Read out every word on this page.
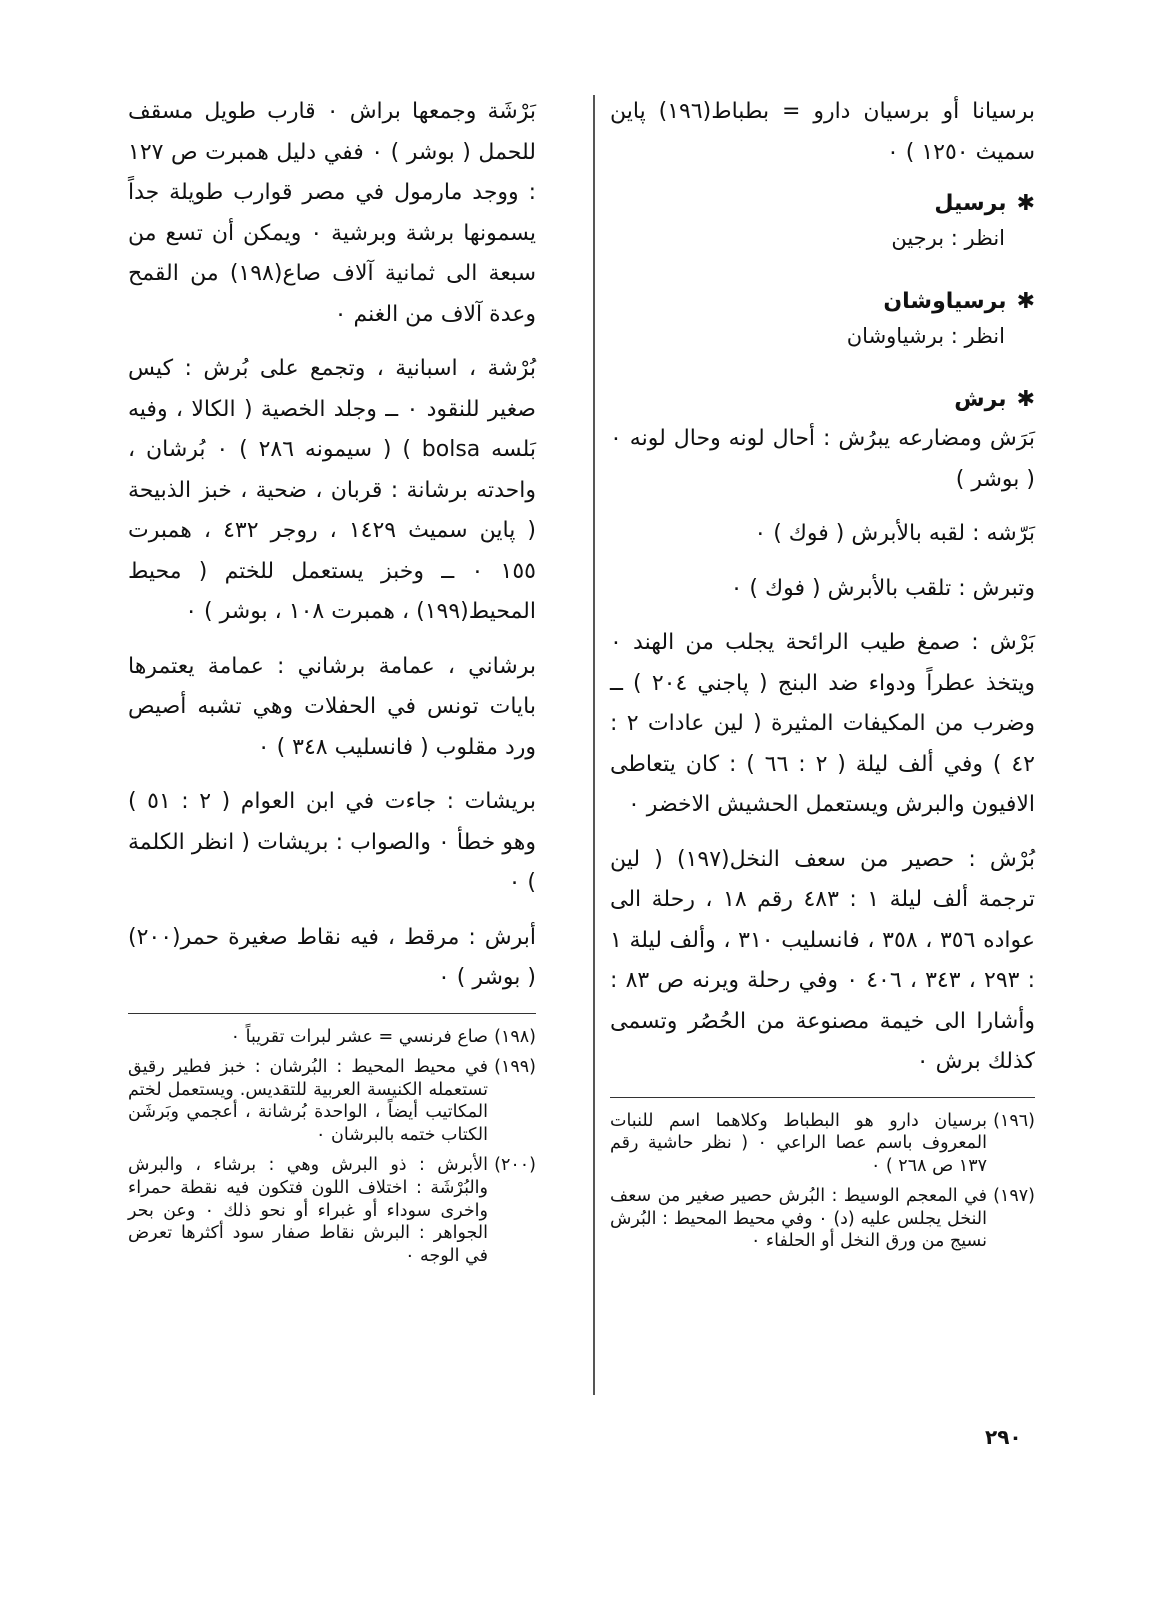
برسيانا أو برسيان دارو = بطباط(١٩٦) پاين سميث ١٢٥٠ ) ٠

✱برسيل

انظر : برجين

✱برسياوشان

انظر : برشياوشان

✱برش

بَرَش ومضارعه يبرُش : أحال لونه وحال لونه ٠ ( بوشر )

بَرّشه : لقبه بالأبرش ( فوك ) ٠

وتبرش : تلقب بالأبرش ( فوك ) ٠

بَرْش : صمغ طيب الرائحة يجلب من الهند ٠ ويتخذ عطراً ودواء ضد البنج ( پاجني ٢٠٤ ) ــ وضرب من المكيفات المثيرة ( لين عادات ٢ : ٤٢ ) وفي ألف ليلة ( ٢ : ٦٦ ) : كان يتعاطى الافيون والبرش ويستعمل الحشيش الاخضر ٠

بُرْش : حصير من سعف النخل(١٩٧) ( لين ترجمة ألف ليلة ١ : ٤٨٣ رقم ١٨ ، رحلة الى عواده ٣٥٦ ، ٣٥٨ ، فانسليب ٣١٠ ، وألف ليلة ١ : ٢٩٣ ، ٣٤٣ ، ٤٠٦ ٠ وفي رحلة ويرنه ص ٨٣ : وأشارا الى خيمة مصنوعة من الحُصُر وتسمى كذلك برش ٠

(١٩٦)
برسيان دارو هو البطباط وكلاهما اسم للنبات المعروف باسم عصا الراعي ٠ ( نظر حاشية رقم ١٣٧ ص ٢٦٨ ) ٠
(١٩٧)
في المعجم الوسيط : البُرش حصير صغير من سعف النخل يجلس عليه (د) ٠ وفي محيط المحيط : البُرش نسيج من ورق النخل أو الحلفاء ٠

بَرْشَة وجمعها براش ٠ قارب طويل مسقف للحمل ( بوشر ) ٠ ففي دليل همبرت ص ١٢٧ : ووجد مارمول في مصر قوارب طويلة جداً يسمونها برشة وبرشية ٠ ويمكن أن تسع من سبعة الى ثمانية آلاف صاع(١٩٨) من القمح وعدة آلاف من الغنم ٠

بُرْشة ، اسبانية ، وتجمع على بُرش : كيس صغير للنقود ٠ ــ وجلد الخصية ( الكالا ، وفيه بَلسه bolsa ) ( سيمونه ٢٨٦ ) ٠ بُرشان ، واحدته برشانة : قربان ، ضحية ، خبز الذبيحة ( پاين سميث ١٤٢٩ ، روجر ٤٣٢ ، همبرت ١٥٥ ٠ ــ وخبز يستعمل للختم ( محيط المحيط(١٩٩) ، همبرت ١٠٨ ، بوشر ) ٠

برشاني ، عمامة برشاني : عمامة يعتمرها بايات تونس في الحفلات وهي تشبه أصيص ورد مقلوب ( فانسليب ٣٤٨ ) ٠

بريشات : جاءت في ابن العوام ( ٢ : ٥١ ) وهو خطأ ٠ والصواب : بريشات ( انظر الكلمة ) ٠

أبرش : مرقط ، فيه نقاط صغيرة حمر(٢٠٠) ( بوشر ) ٠

(١٩٨)
صاع فرنسي = عشر لبرات تقريباً ٠
(١٩٩)
في محيط المحيط : البُرشان : خبز فطير رقيق تستعمله الكنيسة العربية للتقديس. ويستعمل لختم المكاتيب أيضاً ، الواحدة بُرشانة ، أعجمي وبَرشَن الكتاب ختمه بالبرشان ٠
(٢٠٠)
الأبرش : ذو البرش وهي : برشاء ، والبرش والبُرْشَة : اختلاف اللون فتكون فيه نقطة حمراء واخرى سوداء أو غبراء أو نحو ذلك ٠ وعن بحر الجواهر : البرش نقاط صفار سود أكثرها تعرض في الوجه ٠
٢٩٠
